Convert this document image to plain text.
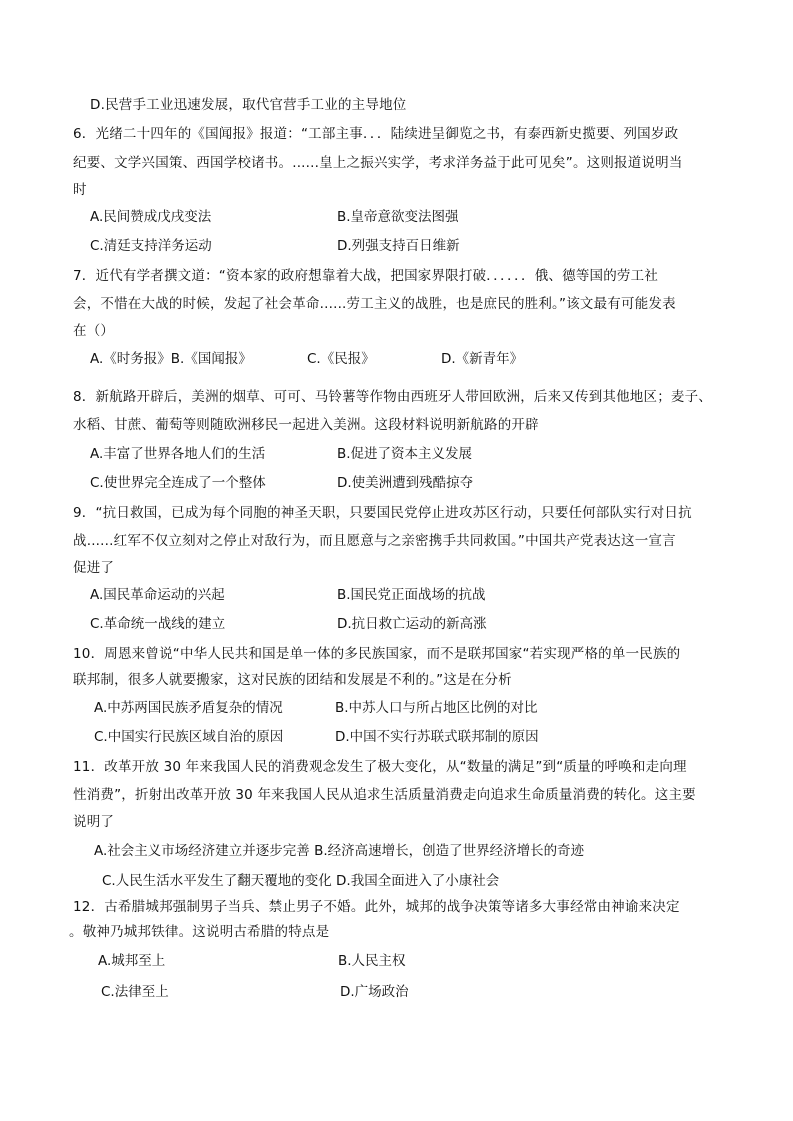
D.民营手工业迅速发展，取代官营手工业的主导地位
6．光绪二十四年的《国闻报》报道：“工部主事．．．陆续进呈御览之书，有泰西新史揽要、列国岁政
纪要、文学兴国策、西国学校诸书。......皇上之振兴实学，考求洋务益于此可见矣”。这则报道说明当
时
A.民间赞成戊戌变法	B.皇帝意欲变法图强
C.清廷支持洋务运动	D.列强支持百日维新
7．近代有学者撰文道：“资本家的政府想靠着大战，把国家界限打破．．．．．．俄、德等国的劳工社
会，不惜在大战的时候，发起了社会革命......劳工主义的战胜，也是庶民的胜利。”该文最有可能发表
在（）
A.《时务报》B.《国闻报》	C.《民报》	D.《新青年》
8．新航路开辟后，美洲的烟草、可可、马铃薯等作物由西班牙人带回欧洲，后来又传到其他地区；麦子、
水稻、甘蔗、葡萄等则随欧洲移民一起进入美洲。这段材料说明新航路的开辟
A.丰富了世界各地人们的生活	B.促进了资本主义发展
C.使世界完全连成了一个整体	D.使美洲遭到残酷掠夺
9．“抗日救国，已成为每个同胞的神圣天职，只要国民党停止进攻苏区行动，只要任何部队实行对日抗
战......红军不仅立刻对之停止对敌行为，而且愿意与之亲密携手共同救国。”中国共产党表达这一宣言
促进了
A.国民革命运动的兴起	B.国民党正面战场的抗战
C.革命统一战线的建立	D.抗日救亡运动的新高涨
10．周恩来曾说“中华人民共和国是单一体的多民族国家，而不是联邦国家“若实现严格的单一民族的
联邦制，很多人就要搬家，这对民族的团结和发展是不利的。”这是在分析
A.中苏两国民族矛盾复杂的情况	B.中苏人口与所占地区比例的对比
C.中国实行民族区域自治的原因	D.中国不实行苏联式联邦制的原因
11．改革开放 30 年来我国人民的消费观念发生了极大变化，从“数量的满足”到“质量的呼唤和走向理
性消费”，折射出改革开放 30 年来我国人民从追求生活质量消费走向追求生命质量消费的转化。这主要
说明了
A.社会主义市场经济建立并逐步完善 B.经济高速增长，创造了世界经济增长的奇迹
C.人民生活水平发生了翻天覆地的变化 D.我国全面进入了小康社会
12．古希腊城邦强制男子当兵、禁止男子不婚。此外，城邦的战争决策等诸多大事经常由神谕来决定
。敬神乃城邦铁律。这说明古希腊的特点是
A.城邦至上	B.人民主权
C.法律至上	D.广场政治
